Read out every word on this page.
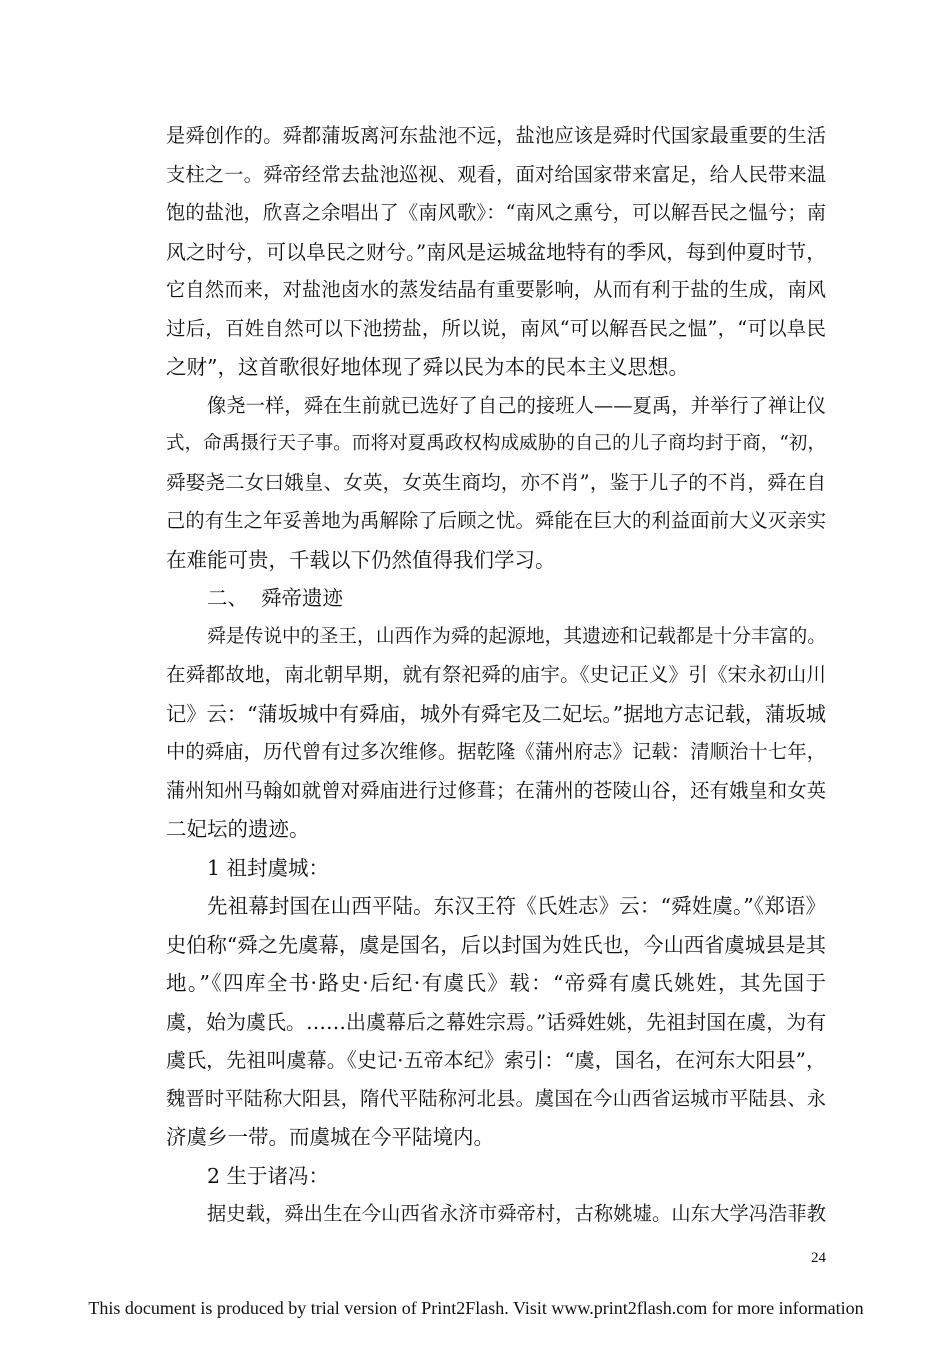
是舜创作的。舜都蒲坂离河东盐池不远，盐池应该是舜时代国家最重要的生活
支柱之一。舜帝经常去盐池巡视、观看，面对给国家带来富足，给人民带来温
饱的盐池，欣喜之余唱出了《南风歌》：“南风之熏兮，可以解吾民之愠兮；南
风之时兮，可以阜民之财兮。”南风是运城盆地特有的季风，每到仲夏时节，
它自然而来，对盐池卤水的蒸发结晶有重要影响，从而有利于盐的生成，南风
过后，百姓自然可以下池捞盐，所以说，南风“可以解吾民之愠”，“可以阜民
之财”，这首歌很好地体现了舜以民为本的民本主义思想。
像尧一样，舜在生前就已选好了自己的接班人——夏禹，并举行了禅让仪
式，命禹摄行天子事。而将对夏禹政权构成威胁的自己的儿子商均封于商，“初，
舜娶尧二女曰娥皇、女英，女英生商均，亦不肖”，鉴于儿子的不肖，舜在自
己的有生之年妥善地为禹解除了后顾之忧。舜能在巨大的利益面前大义灭亲实
在难能可贵，千载以下仍然值得我们学习。
二、  舜帝遗迹
舜是传说中的圣王，山西作为舜的起源地，其遗迹和记载都是十分丰富的。
在舜都故地，南北朝早期，就有祭祀舜的庙宇。《史记正义》引《宋永初山川
记》云：“蒲坂城中有舜庙，城外有舜宅及二妃坛。”据地方志记载，蒲坂城
中的舜庙，历代曾有过多次维修。据乾隆《蒲州府志》记载：清顺治十七年，
蒲州知州马翰如就曾对舜庙进行过修葺；在蒲州的苍陵山谷，还有娥皇和女英
二妃坛的遗迹。
1 祖封虞城：
先祖幕封国在山西平陆。东汉王符《氏姓志》云：“舜姓虞。”《郑语》
史伯称“舜之先虞幕，虞是国名，后以封国为姓氏也，今山西省虞城县是其
地。”《四库全书·路史·后纪·有虞氏》载：“帝舜有虞氏姚姓，其先国于
虞，始为虞氏。……出虞幕后之幕姓宗焉。”话舜姓姚，先祖封国在虞，为有
虞氏，先祖叫虞幕。《史记·五帝本纪》索引：“虞，国名，在河东大阳县”，
魏晋时平陆称大阳县，隋代平陆称河北县。虞国在今山西省运城市平陆县、永
济虞乡一带。而虞城在今平陆境内。
2 生于诸冯：
据史载，舜出生在今山西省永济市舜帝村，古称姚墟。山东大学冯浩菲教
24
This document is produced by trial version of Print2Flash. Visit www.print2flash.com for more information
